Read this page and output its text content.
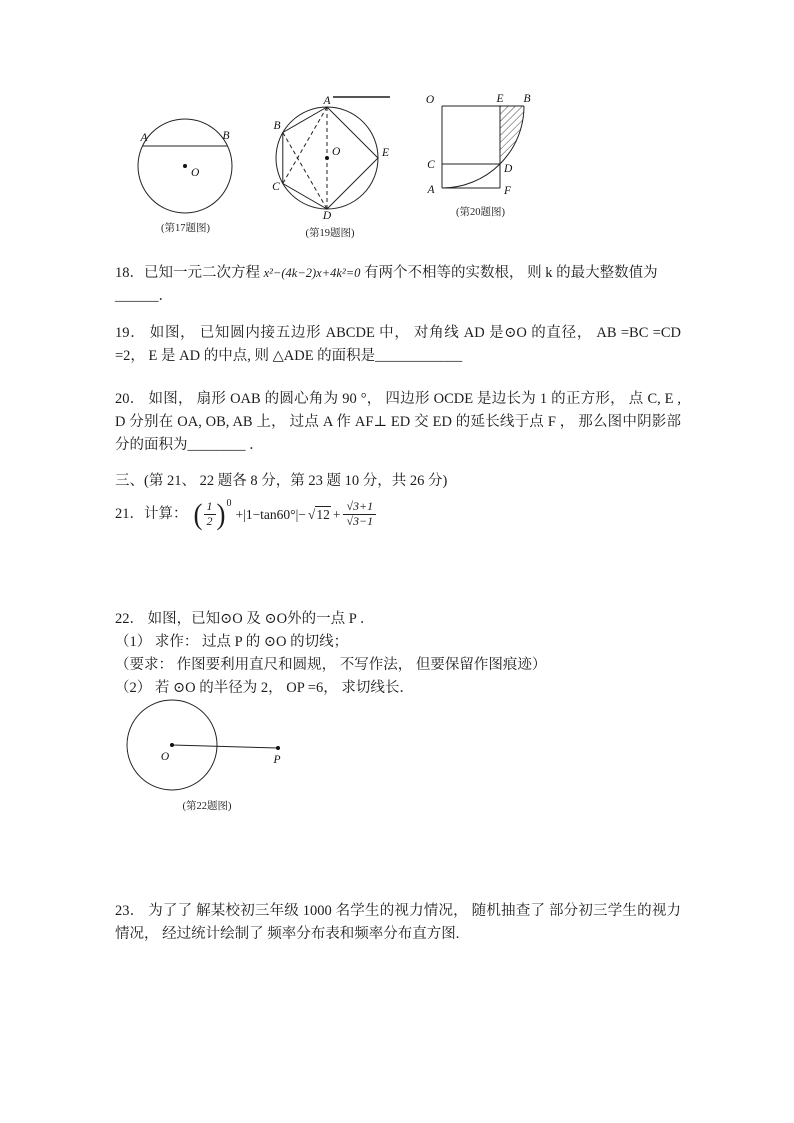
A	B
O
(第17题图)
A
B
C
D
E
O
(第19题图)
O	E B
C	D
A	F
(第20题图)
18．已知一元二次方程 x²−(4k−2)x+4k²=0 有两个不相等的实数根， 则 k 的最大整数值为
______．
19． 如图， 已知圆内接五边形 ABCDE 中， 对角线 AD 是⊙O 的直径， AB =BC =CD =2， E 是 AD 的中点, 则 △ADE 的面积是____________
20． 如图， 扇形 OAB 的圆心角为 90 °， 四边形 OCDE 是边长为 1 的正方形， 点 C, E , D 分别在 OA, OB, AB 上， 过点 A 作 AF⊥ ED 交 ED 的延长线于点 F ， 那么图中阴影部分的面积为________ ．
三、(第 21、 22 题各 8 分，第 23 题 10 分，共 26 分)
21． 计算： ( $\frac{1}{2}$ ) 0
$+|1-\tan 60^\circ|- √12 + \frac{√3+1}{√3-1}$
22． 如图，已知⊙O 及 ⊙O外的一点 P ．
（1） 求作： 过点 P 的 ⊙O 的切线；
（要求： 作图要利用直尺和圆规， 不写作法， 但要保留作图痕迹）
（2） 若 ⊙O 的半径为 2， OP =6， 求切线长．
O	P
(第22题图)
23． 为了了 解某校初三年级 1000 名学生的视力情况， 随机抽查了 部分初三学生的视力情况， 经过统计绘制了 频率分布表和频率分布直方图.
